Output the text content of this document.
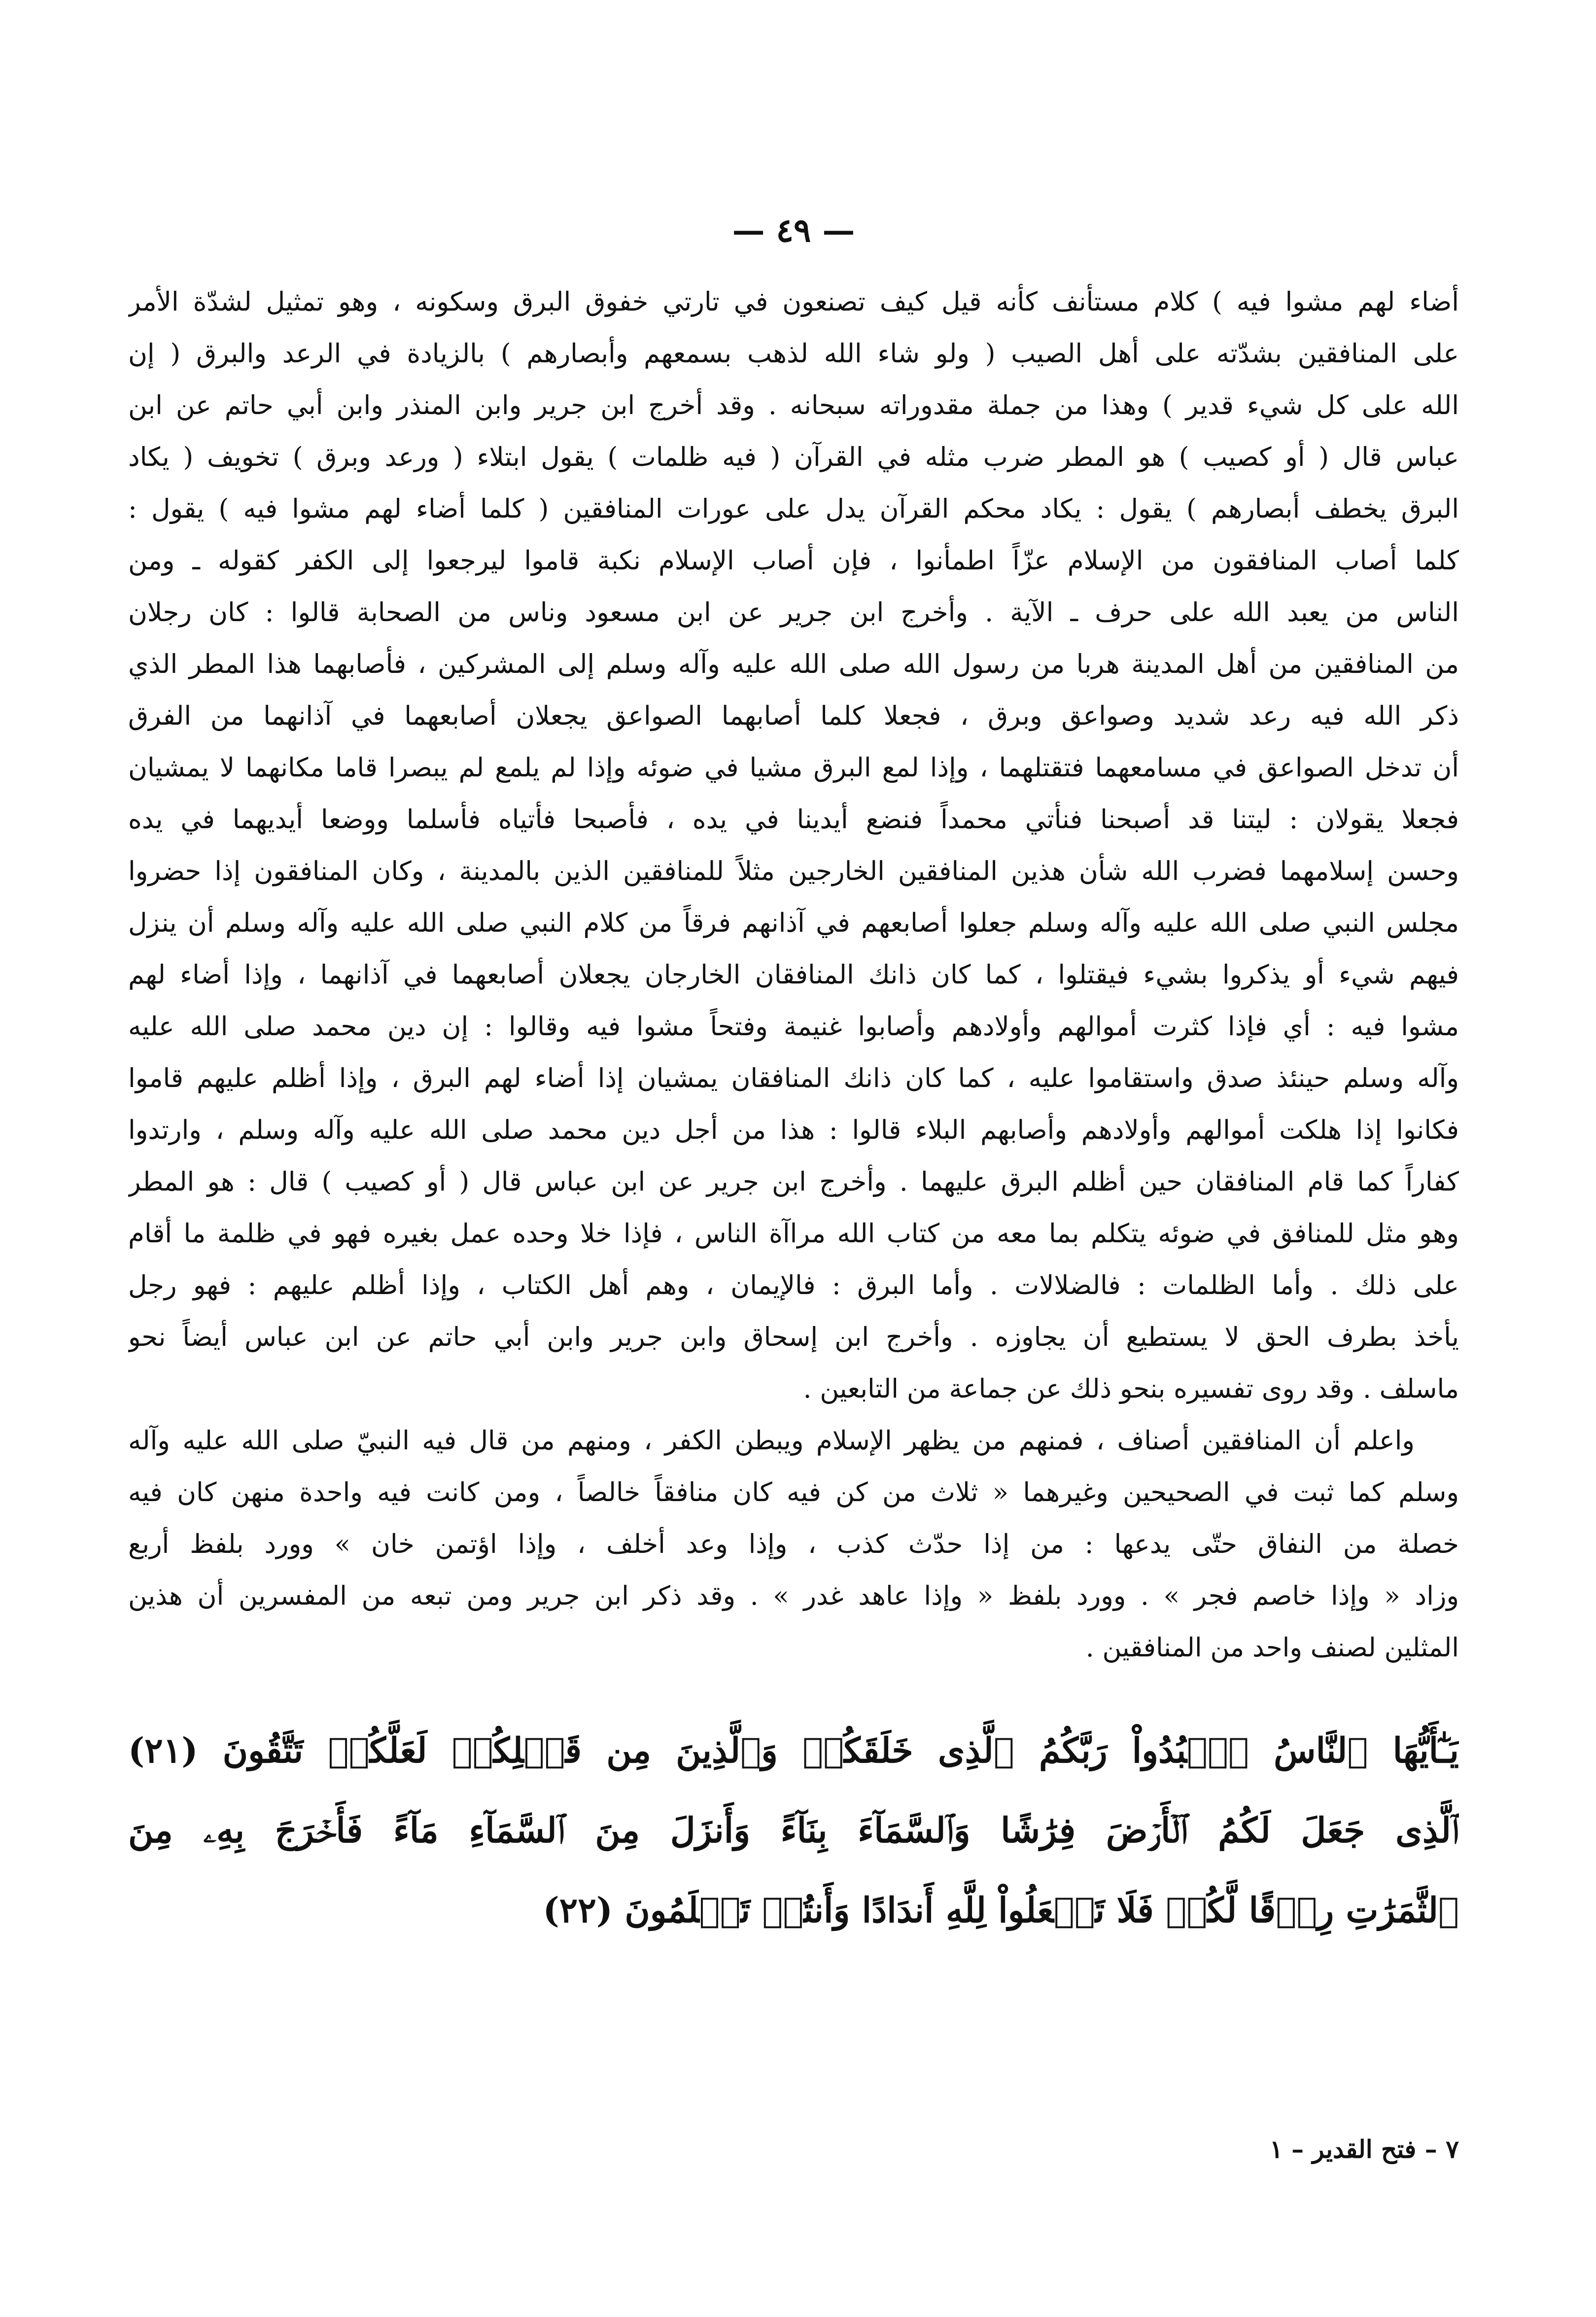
— ٤٩ —
أضاء لهم مشوا فيه ) كلام مستأنف كأنه قيل كيف تصنعون في تارتي خفوق البرق وسكونه ، وهو تمثيل لشدّة الأمر
على المنافقين بشدّته على أهل الصيب ( ولو شاء الله لذهب بسمعهم وأبصارهم ) بالزيادة في الرعد والبرق ( إن
الله على كل شيء قدير ) وهذا من جملة مقدوراته سبحانه . وقد أخرج ابن جرير وابن المنذر وابن أبي حاتم عن ابن
عباس قال ( أو كصيب ) هو المطر ضرب مثله في القرآن ( فيه ظلمات ) يقول ابتلاء ( ورعد وبرق ) تخويف ( يكاد
البرق يخطف أبصارهم ) يقول : يكاد محكم القرآن يدل على عورات المنافقين ( كلما أضاء لهم مشوا فيه ) يقول :
كلما أصاب المنافقون من الإسلام عزّاً اطمأنوا ، فإن أصاب الإسلام نكبة قاموا ليرجعوا إلى الكفر كقوله ـ ومن
الناس من يعبد الله على حرف ـ الآية . وأخرج ابن جرير عن ابن مسعود وناس من الصحابة قالوا : كان رجلان
من المنافقين من أهل المدينة هربا من رسول الله صلى الله عليه وآله وسلم إلى المشركين ، فأصابهما هذا المطر الذي
ذكر الله فيه رعد شديد وصواعق وبرق ، فجعلا كلما أصابهما الصواعق يجعلان أصابعهما في آذانهما من الفرق
أن تدخل الصواعق في مسامعهما فتقتلهما ، وإذا لمع البرق مشيا في ضوئه وإذا لم يلمع لم يبصرا قاما مكانهما لا يمشيان
فجعلا يقولان : ليتنا قد أصبحنا فنأتي محمداً فنضع أيدينا في يده ، فأصبحا فأتياه فأسلما ووضعا أيديهما في يده
وحسن إسلامهما فضرب الله شأن هذين المنافقين الخارجين مثلاً للمنافقين الذين بالمدينة ، وكان المنافقون إذا حضروا
مجلس النبي صلى الله عليه وآله وسلم جعلوا أصابعهم في آذانهم فرقاً من كلام النبي صلى الله عليه وآله وسلم أن ينزل
فيهم شيء أو يذكروا بشيء فيقتلوا ، كما كان ذانك المنافقان الخارجان يجعلان أصابعهما في آذانهما ، وإذا أضاء لهم
مشوا فيه : أي فإذا كثرت أموالهم وأولادهم وأصابوا غنيمة وفتحاً مشوا فيه وقالوا : إن دين محمد صلى الله عليه
وآله وسلم حينئذ صدق واستقاموا عليه ، كما كان ذانك المنافقان يمشيان إذا أضاء لهم البرق ، وإذا أظلم عليهم قاموا
فكانوا إذا هلكت أموالهم وأولادهم وأصابهم البلاء قالوا : هذا من أجل دين محمد صلى الله عليه وآله وسلم ، وارتدوا
كفاراً كما قام المنافقان حين أظلم البرق عليهما . وأخرج ابن جرير عن ابن عباس قال ( أو كصيب ) قال : هو المطر
وهو مثل للمنافق في ضوئه يتكلم بما معه من كتاب الله مراآة الناس ، فإذا خلا وحده عمل بغيره فهو في ظلمة ما أقام
على ذلك . وأما الظلمات : فالضلالات . وأما البرق : فالإيمان ، وهم أهل الكتاب ، وإذا أظلم عليهم : فهو رجل
يأخذ بطرف الحق لا يستطيع أن يجاوزه . وأخرج ابن إسحاق وابن جرير وابن أبي حاتم عن ابن عباس أيضاً نحو
ماسلف . وقد روى تفسيره بنحو ذلك عن جماعة من التابعين .
واعلم أن المنافقين أصناف ، فمنهم من يظهر الإسلام ويبطن الكفر ، ومنهم من قال فيه النبيّ صلى الله عليه وآله
وسلم كما ثبت في الصحيحين وغيرهما « ثلاث من كن فيه كان منافقاً خالصاً ، ومن كانت فيه واحدة منهن كان فيه
خصلة من النفاق حتّى يدعها : من إذا حدّث كذب ، وإذا وعد أخلف ، وإذا اؤتمن خان » وورد بلفظ أربع
وزاد « وإذا خاصم فجر » . وورد بلفظ « وإذا عاهد غدر » . وقد ذكر ابن جرير ومن تبعه من المفسرين أن هذين
المثلين لصنف واحد من المنافقين .
يَـٰٓأَيُّهَا ٱلنَّاسُ ٱعۡبُدُواْ رَبَّكُمُ ٱلَّذِى خَلَقَكُمۡ وَٱلَّذِينَ مِن قَبۡلِكُمۡ لَعَلَّكُمۡ تَتَّقُونَ (٢١)
ٱلَّذِى جَعَلَ لَكُمُ ٱلۡأَرۡضَ فِرَٰشًا وَٱلسَّمَآءَ بِنَآءً وَأَنزَلَ مِنَ ٱلسَّمَآءِ مَآءً فَأَخۡرَجَ بِهِۦ مِنَ
ٱلثَّمَرَٰتِ رِزۡقًا لَّكُمۡ فَلَا تَجۡعَلُواْ لِلَّهِ أَندَادًا وَأَنتُمۡ تَعۡلَمُونَ (٢٢)
٧ – فتح القدير – ١
